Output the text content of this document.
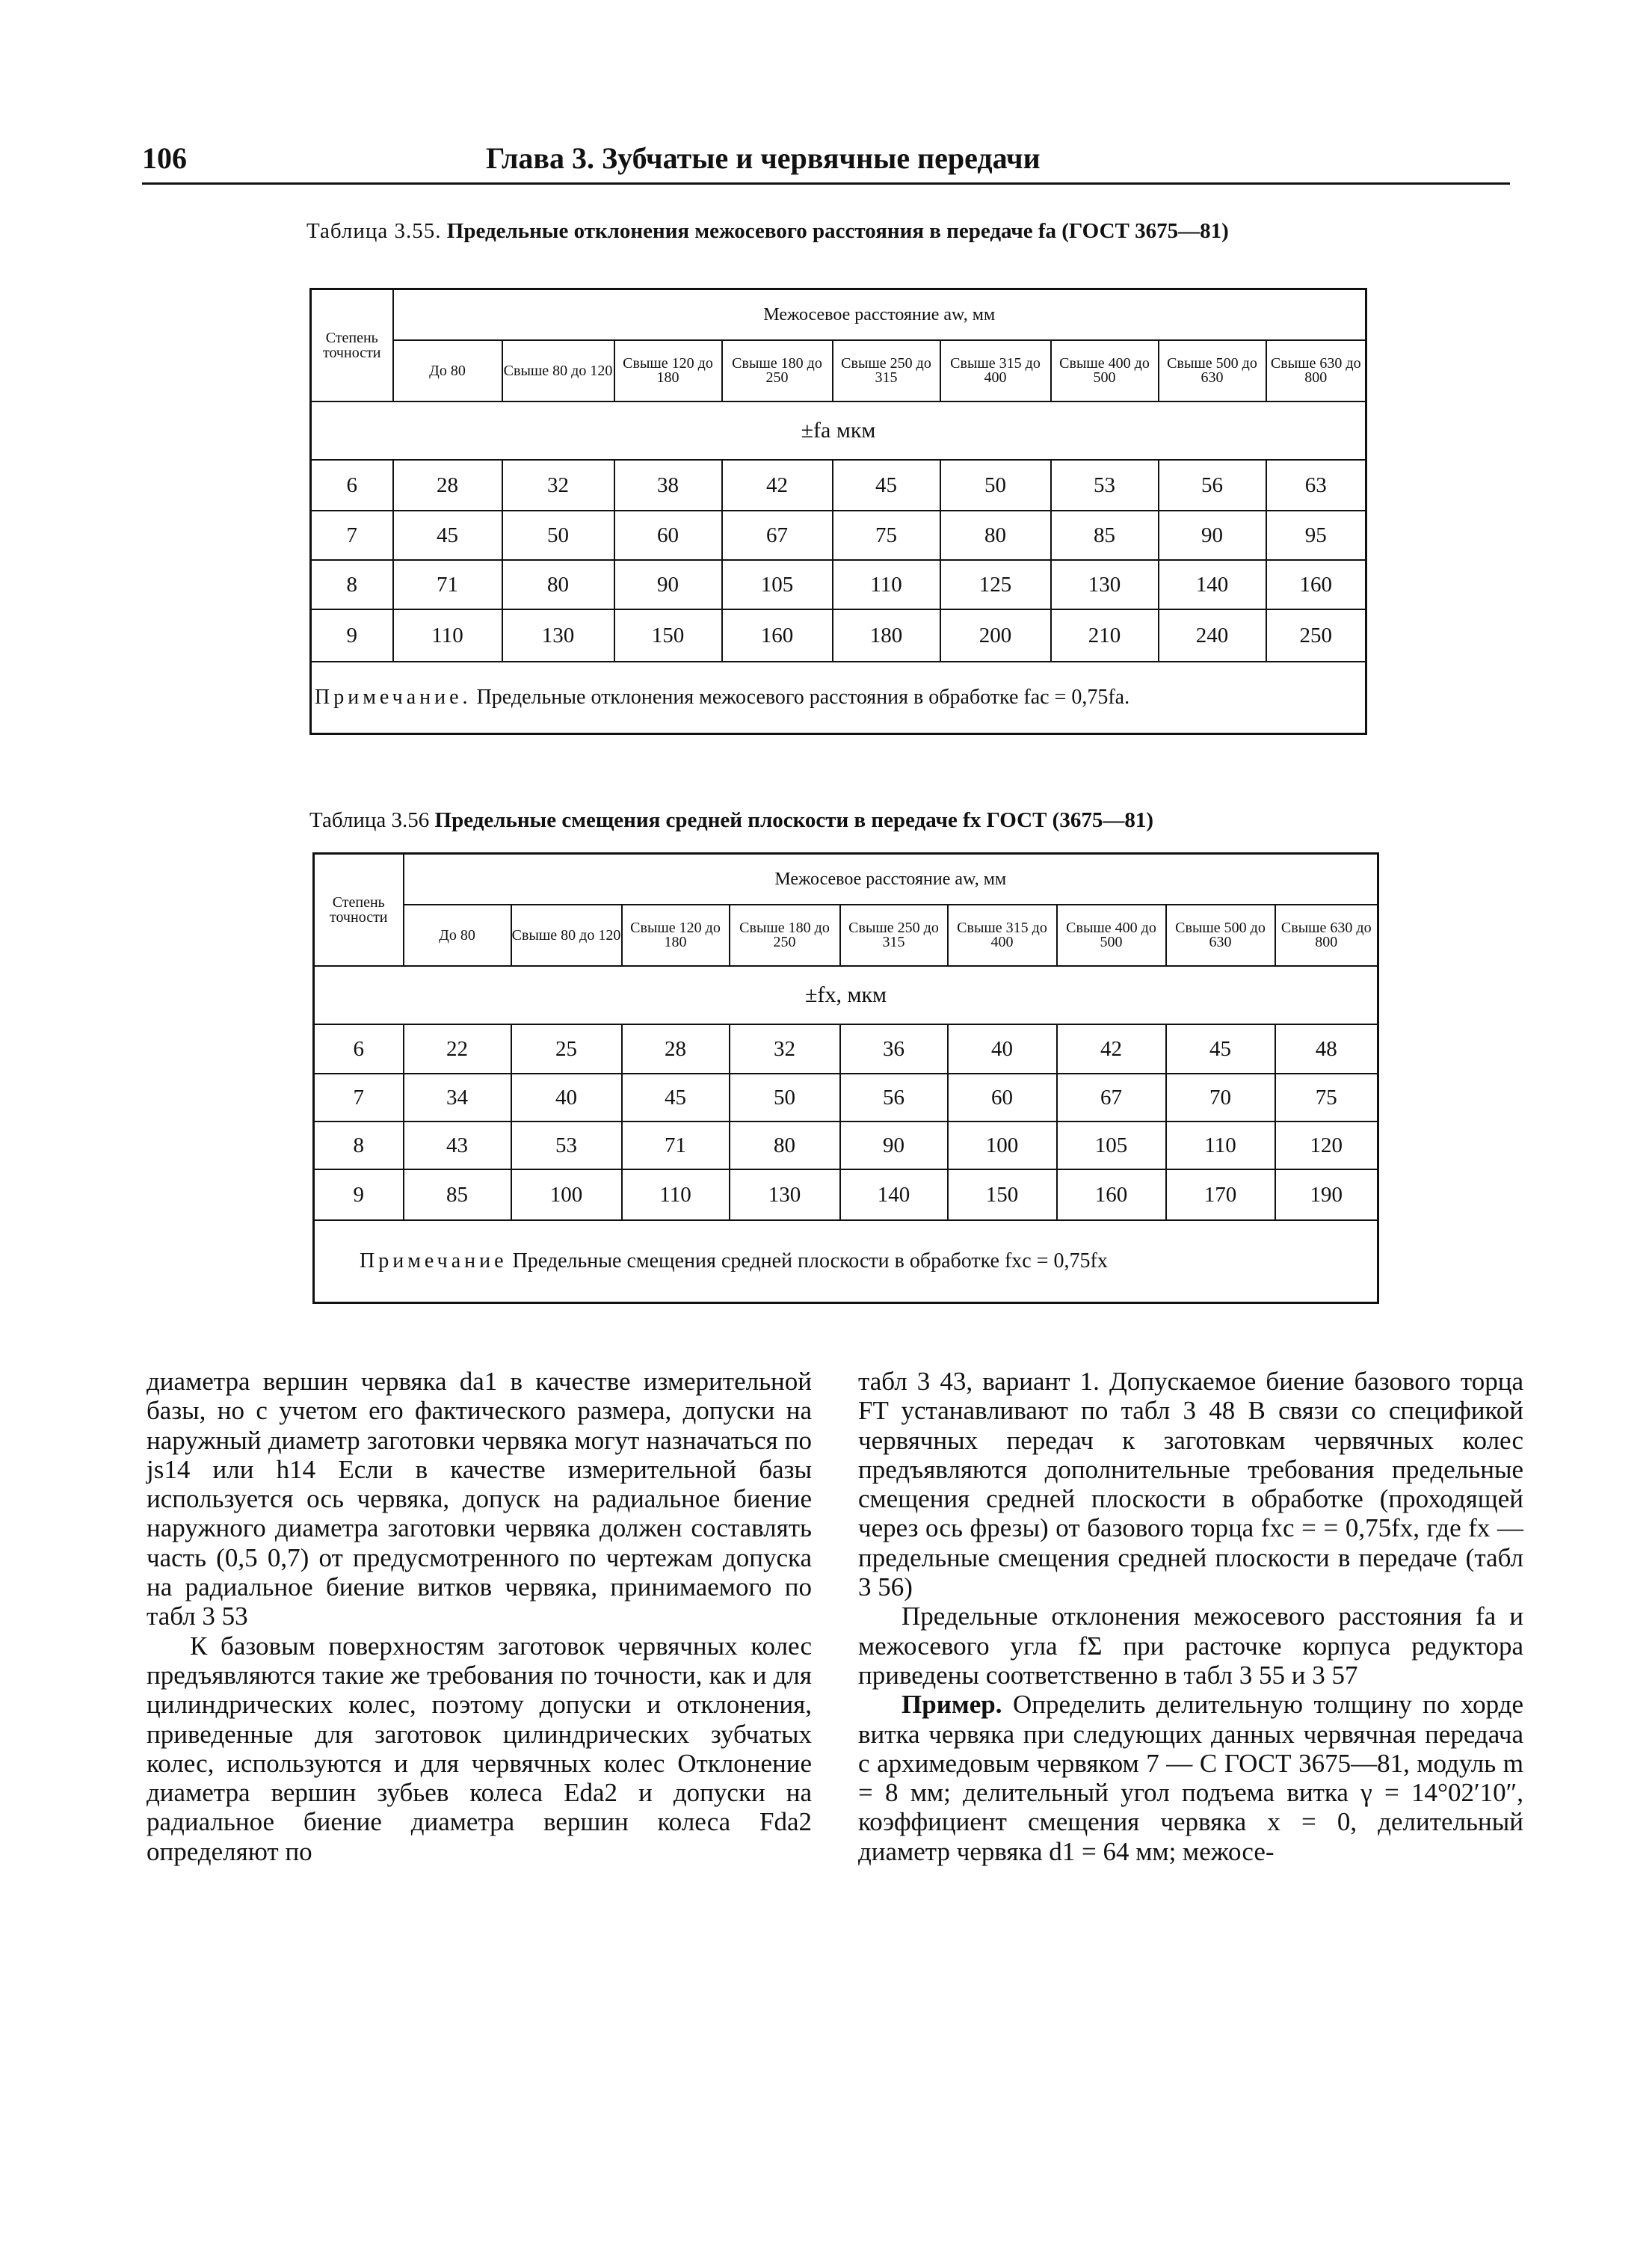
106	Глава 3. Зубчатые и червячные передачи
Таблица 3.55. Предельные отклонения межосевого расстояния в передаче fa (ГОСТ 3675—81)
Степень точности	Межосевое расстояние aw, мм								
	До 80	Свыше 80 до 120	Свыше 120 до 180	Свыше 180 до 250	Свыше 250 до 315	Свыше 315 до 400	Свыше 400 до 500	Свыше 500 до 630	Свыше 630 до 800
±fa мкм									
6	28	32	38	42	45	50	53	56	63
7	45	50	60	67	75	80	85	90	95
8	71	80	90	105	110	125	130	140	160
9	110	130	150	160	180	200	210	240	250
Примечание. Предельные отклонения межосевого расстояния в обработке fac = 0,75fa.									
Таблица 3.56 Предельные смещения средней плоскости в передаче fx ГОСТ (3675—81)
Степень точности	Межосевое расстояние aw, мм								
	До 80	Свыше 80 до 120	Свыше 120 до 180	Свыше 180 до 250	Свыше 250 до 315	Свыше 315 до 400	Свыше 400 до 500	Свыше 500 до 630	Свыше 630 до 800
±fx, мкм									
6	22	25	28	32	36	40	42	45	48
7	34	40	45	50	56	60	67	70	75
8	43	53	71	80	90	100	105	110	120
9	85	100	110	130	140	150	160	170	190
Примечание Предельные смещения средней плоскости в обработке fxc = 0,75fx									

диаметра вершин червяка da1 в качестве измерительной базы, но с учетом его фактического размера, допуски на наружный диаметр заготовки червяка могут назначаться по js14 или h14 Если в качестве измерительной базы используется ось червяка, допуск на радиальное биение наружного диаметра заготовки червяка должен составлять часть (0,5 0,7) от предусмотренного по чертежам допуска на радиальное биение витков червяка, принимаемого по табл 3 53

К базовым поверхностям заготовок червячных колес предъявляются такие же требования по точности, как и для цилиндрических колес, поэтому допуски и отклонения, приведенные для заготовок цилиндрических зубчатых колес, используются и для червячных колес Отклонение диаметра вершин зубьев колеса Eda2 и допуски на радиальное биение диаметра вершин колеса Fda2 определяют по

табл 3 43, вариант 1. Допускаемое биение базового торца FT устанавливают по табл 3 48 В связи со спецификой червячных передач к заготовкам червячных колес предъявляются дополнительные требования предельные смещения средней плоскости в обработке (проходящей через ось фрезы) от базового торца fxc = = 0,75fx, где fx — предельные смещения средней плоскости в передаче (табл 3 56)

Предельные отклонения межосевого расстояния fa и межосевого угла fΣ при расточке корпуса редуктора приведены соответственно в табл 3 55 и 3 57

Пример. Определить делительную толщину по хорде витка червяка при следующих данных червячная передача с архимедовым червяком 7 — С ГОСТ 3675—81, модуль m = 8 мм; делительный угол подъема витка γ = 14°02′10″, коэффициент смещения червяка x = 0, делительный диаметр червяка d1 = 64 мм; межосе-
